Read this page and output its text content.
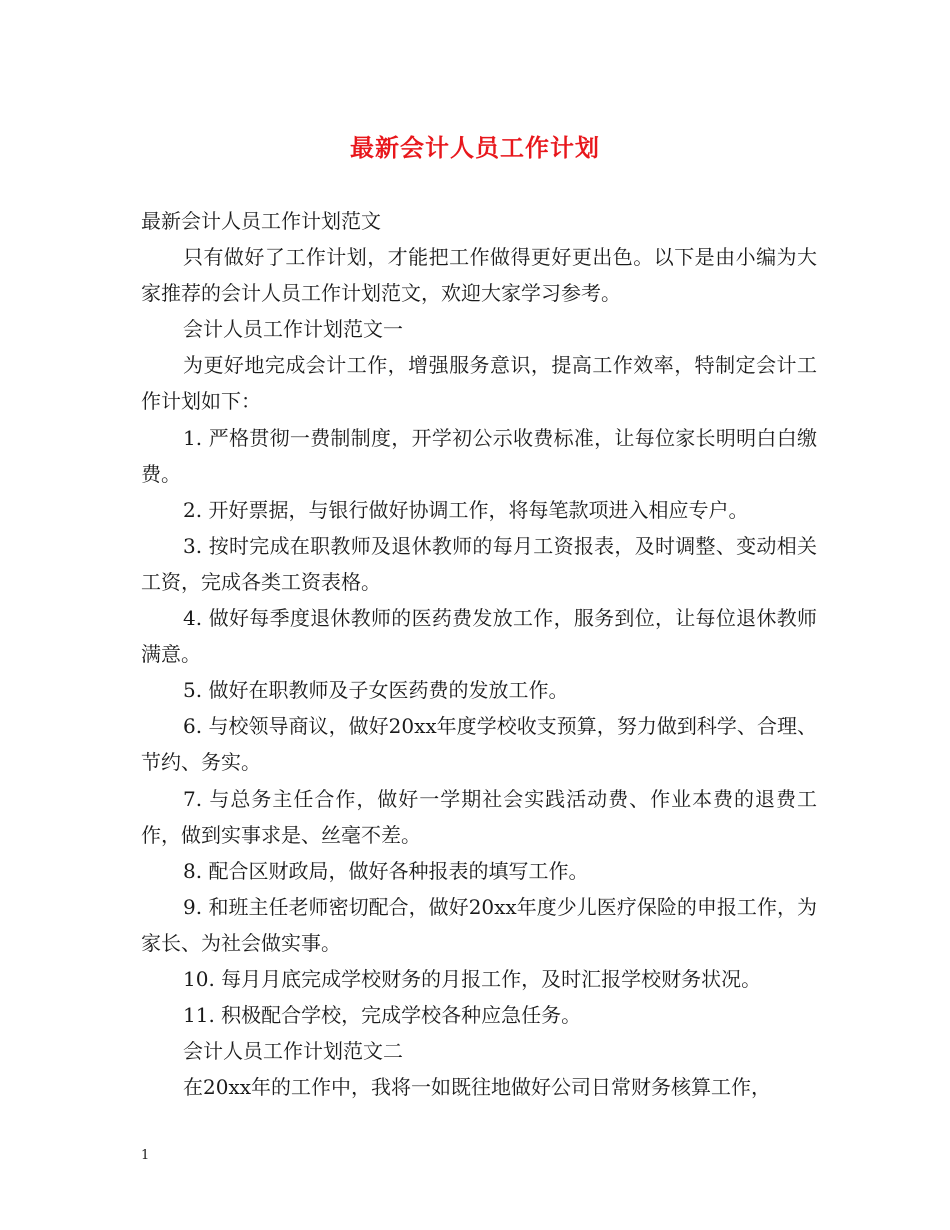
最新会计人员工作计划

最新会计人员工作计划范文

只有做好了工作计划，才能把工作做得更好更出色。以下是由小编为大家推荐的会计人员工作计划范文，欢迎大家学习参考。

会计人员工作计划范文一

为更好地完成会计工作，增强服务意识，提高工作效率，特制定会计工作计划如下：

1. 严格贯彻一费制制度，开学初公示收费标准，让每位家长明明白白缴费。

2. 开好票据，与银行做好协调工作，将每笔款项进入相应专户。

3. 按时完成在职教师及退休教师的每月工资报表，及时调整、变动相关工资，完成各类工资表格。

4. 做好每季度退休教师的医药费发放工作，服务到位，让每位退休教师满意。

5. 做好在职教师及子女医药费的发放工作。

6. 与校领导商议，做好20xx年度学校收支预算，努力做到科学、合理、节约、务实。

7. 与总务主任合作，做好一学期社会实践活动费、作业本费的退费工作，做到实事求是、丝毫不差。

8. 配合区财政局，做好各种报表的填写工作。

9. 和班主任老师密切配合，做好20xx年度少儿医疗保险的申报工作，为家长、为社会做实事。

10. 每月月底完成学校财务的月报工作，及时汇报学校财务状况。

11. 积极配合学校，完成学校各种应急任务。

会计人员工作计划范文二

在20xx年的工作中，我将一如既往地做好公司日常财务核算工作，

1
